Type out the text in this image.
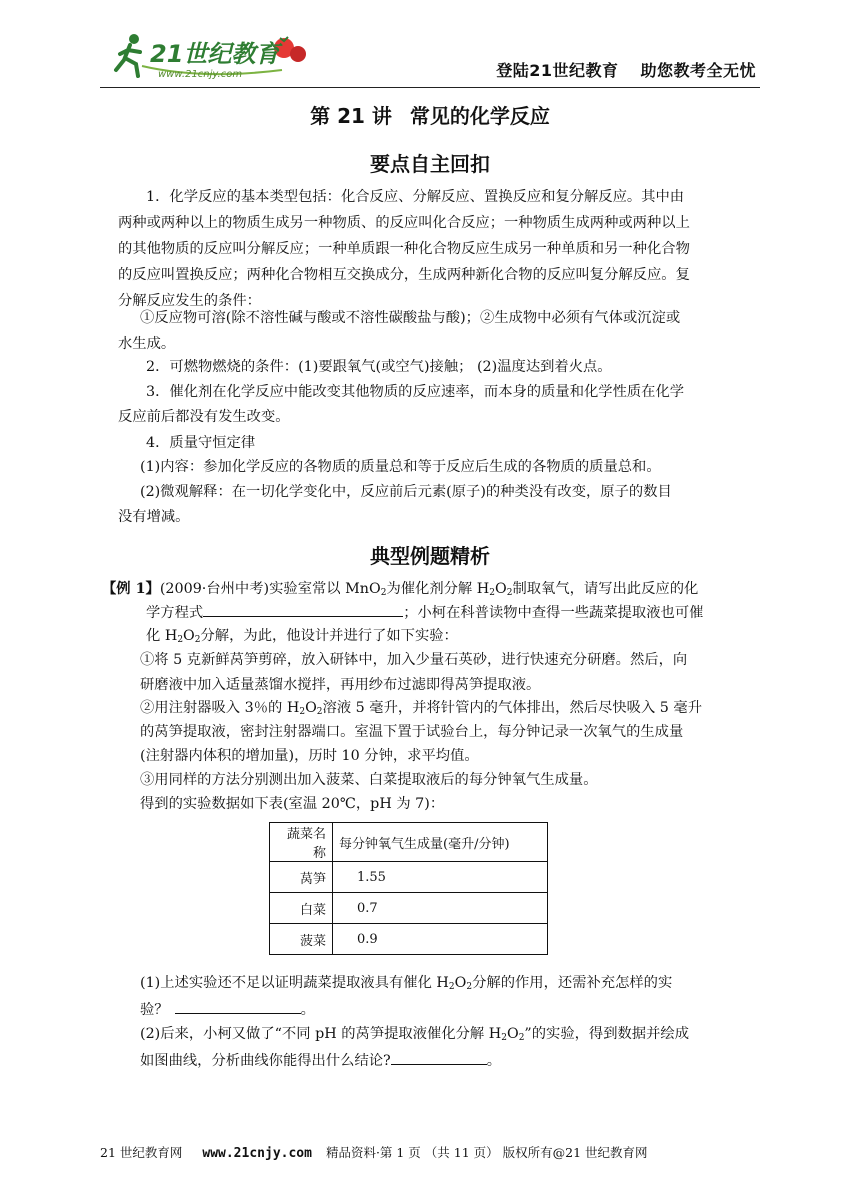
21世纪教育
www.21cnjy.com	登陆21世纪教育 助您教考全无忧
第 21 讲 常见的化学反应
要点自主回扣
1．化学反应的基本类型包括：化合反应、分解反应、置换反应和复分解反应。其中由
两种或两种以上的物质生成另一种物质、的反应叫化合反应；一种物质生成两种或两种以上
的其他物质的反应叫分解反应；一种单质跟一种化合物反应生成另一种单质和另一种化合物
的反应叫置换反应；两种化合物相互交换成分，生成两种新化合物的反应叫复分解反应。复
分解反应发生的条件：
①反应物可溶(除不溶性碱与酸或不溶性碳酸盐与酸)；②生成物中必须有气体或沉淀或
水生成。
2．可燃物燃烧的条件：(1)要跟氧气(或空气)接触； (2)温度达到着火点。
3．催化剂在化学反应中能改变其他物质的反应速率，而本身的质量和化学性质在化学
反应前后都没有发生改变。
4．质量守恒定律
(1)内容：参加化学反应的各物质的质量总和等于反应后生成的各物质的质量总和。
(2)微观解释：在一切化学变化中，反应前后元素(原子)的种类没有改变，原子的数目
没有增减。
典型例题精析
【例 1】(2009·台州中考)实验室常以 MnO$_2$为催化剂分解 $H_2O_2$制取氧气，请写出此反应的化
学方程式	；小柯在科普读物中查得一些蔬菜提取液也可催
化 $H_2O_2$分解，为此，他设计并进行了如下实验：
①将 5 克新鲜莴笋剪碎，放入研钵中，加入少量石英砂，进行快速充分研磨。然后，向
研磨液中加入适量蒸馏水搅拌，再用纱布过滤即得莴笋提取液。
②用注射器吸入 3％的 $H_2O_2$溶液 5 毫升，并将针管内的气体排出，然后尽快吸入 5 毫升
的莴笋提取液，密封注射器端口。室温下置于试验台上，每分钟记录一次氧气的生成量
(注射器内体积的增加量)，历时 10 分钟，求平均值。
③用同样的方法分别测出加入菠菜、白菜提取液后的每分钟氧气生成量。
得到的实验数据如下表(室温 20℃，pH 为 7)：
蔬菜名称	每分钟氧气生成量(毫升/分钟)
莴笋	1.55
白菜	0.7
菠菜	0.9
(1)上述实验还不足以证明蔬菜提取液具有催化 $H_2O_2$分解的作用，还需补充怎样的实
验？	。
(2)后来，小柯又做了“不同 pH 的莴笋提取液催化分解 $H_2O_2$”的实验，得到数据并绘成
如图曲线，分析曲线你能得出什么结论?	。
21 世纪教育网 www.21cnjy.com 精品资料·第 1 页 （共 11 页） 版权所有@21 世纪教育网
